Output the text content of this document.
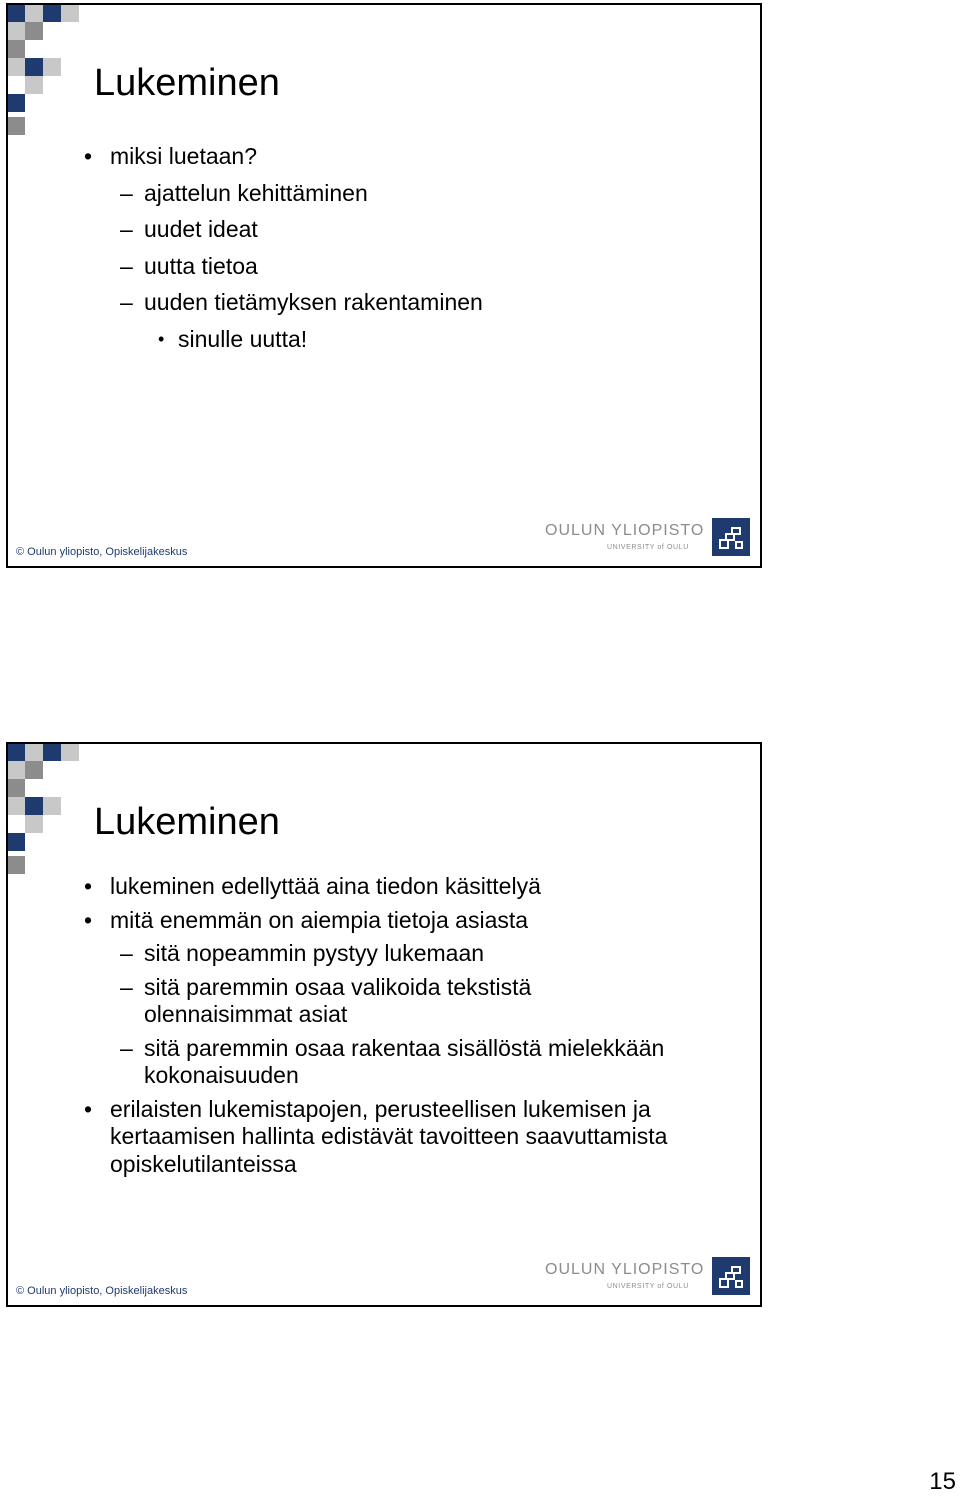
Lukeminen
• miksi luetaan?
– ajattelun kehittäminen
– uudet ideat
– uutta tietoa
– uuden tietämyksen rakentaminen
• sinulle uutta!
© Oulun yliopisto, Opiskelijakeskus
OULUN YLIOPISTO
UNIVERSITY of OULU
Lukeminen
• lukeminen edellyttää aina tiedon käsittelyä
• mitä enemmän on aiempia tietoja asiasta
– sitä nopeammin pystyy lukemaan
– sitä paremmin osaa valikoida tekstistä
olennaisimmat asiat
– sitä paremmin osaa rakentaa sisällöstä mielekkään
kokonaisuuden
• erilaisten lukemistapojen, perusteellisen lukemisen ja
kertaamisen hallinta edistävät tavoitteen saavuttamista
opiskelutilanteissa
© Oulun yliopisto, Opiskelijakeskus
OULUN YLIOPISTO
UNIVERSITY of OULU
15
